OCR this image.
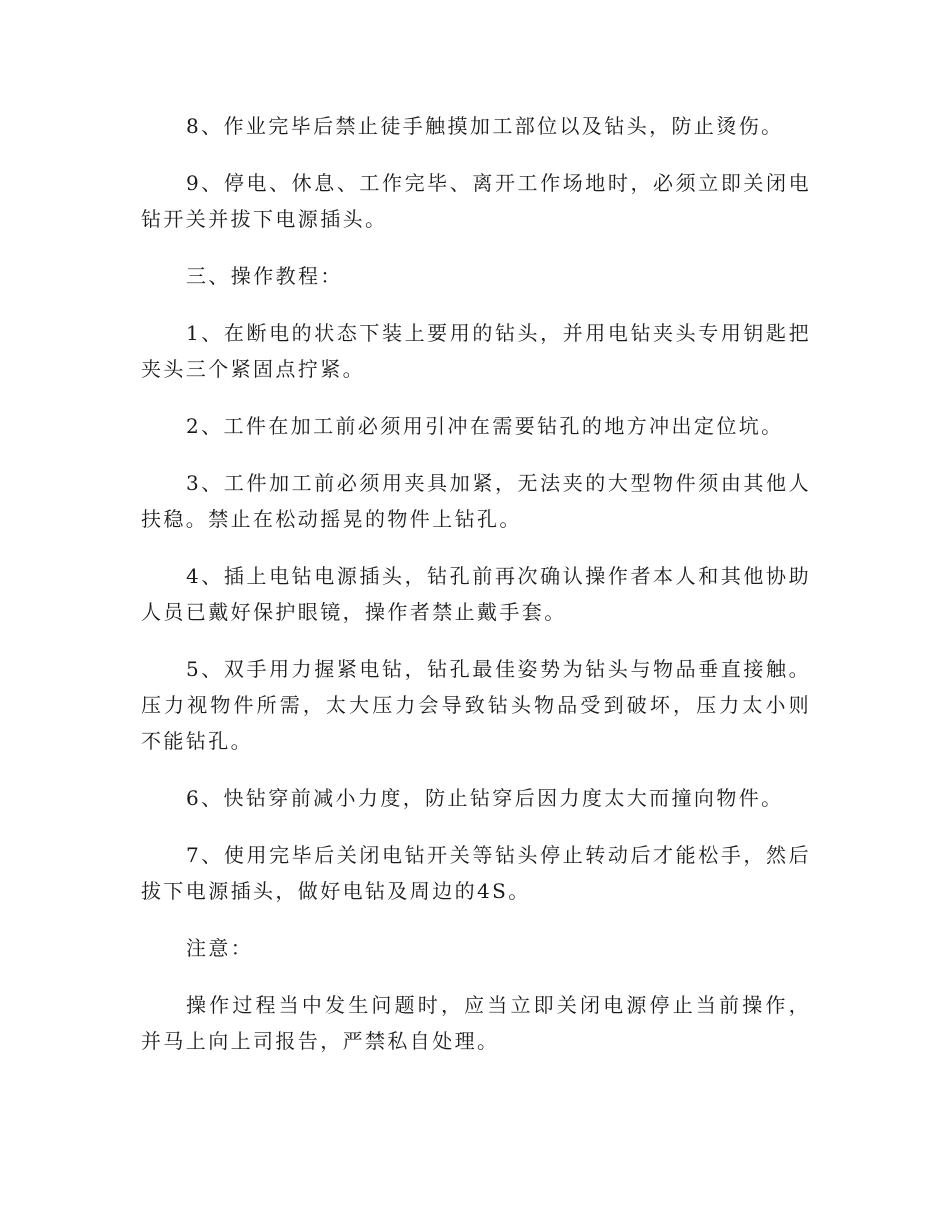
8、作业完毕后禁止徒手触摸加工部位以及钻头，防止烫伤。

9、停电、休息、工作完毕、离开工作场地时，必须立即关闭电钻开关并拔下电源插头。

三、操作教程：

1、在断电的状态下装上要用的钻头，并用电钻夹头专用钥匙把夹头三个紧固点拧紧。

2、工件在加工前必须用引冲在需要钻孔的地方冲出定位坑。

3、工件加工前必须用夹具加紧，无法夹的大型物件须由其他人扶稳。禁止在松动摇晃的物件上钻孔。

4、插上电钻电源插头，钻孔前再次确认操作者本人和其他协助人员已戴好保护眼镜，操作者禁止戴手套。

5、双手用力握紧电钻，钻孔最佳姿势为钻头与物品垂直接触。压力视物件所需，太大压力会导致钻头物品受到破坏，压力太小则不能钻孔。

6、快钻穿前减小力度，防止钻穿后因力度太大而撞向物件。

7、使用完毕后关闭电钻开关等钻头停止转动后才能松手，然后拔下电源插头，做好电钻及周边的4S。

注意：

操作过程当中发生问题时，应当立即关闭电源停止当前操作，并马上向上司报告，严禁私自处理。
